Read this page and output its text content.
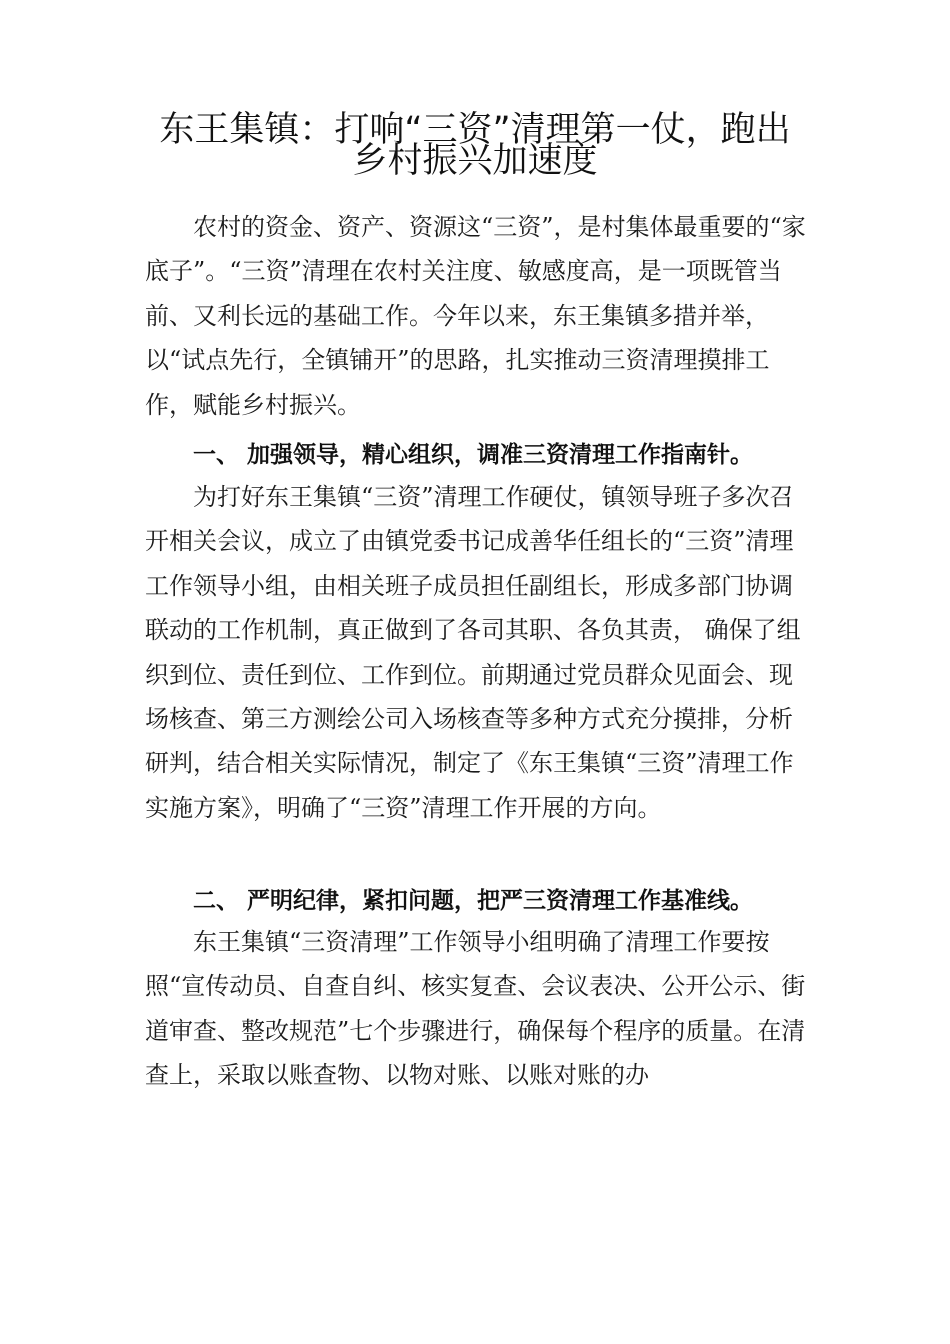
东王集镇：打响“三资”清理第一仗，跑出
乡村振兴加速度

农村的资金、资产、资源这“三资”，是村集体最重要的“家底子”。“三资”清理在农村关注度、敏感度高，是一项既管当前、又利长远的基础工作。今年以来，东王集镇多措并举，以“试点先行，全镇铺开”的思路，扎实推动三资清理摸排工作，赋能乡村振兴。

一、 加强领导，精心组织，调准三资清理工作指南针。

为打好东王集镇“三资”清理工作硬仗，镇领导班子多次召开相关会议，成立了由镇党委书记成善华任组长的“三资”清理工作领导小组，由相关班子成员担任副组长，形成多部门协调联动的工作机制，真正做到了各司其职、各负其责， 确保了组织到位、责任到位、工作到位。前期通过党员群众见面会、现场核查、第三方测绘公司入场核查等多种方式充分摸排，分析研判，结合相关实际情况，制定了《东王集镇“三资”清理工作实施方案》，明确了“三资”清理工作开展的方向。

二、 严明纪律，紧扣问题，把严三资清理工作基准线。

东王集镇“三资清理”工作领导小组明确了清理工作要按照“宣传动员、自查自纠、核实复查、会议表决、公开公示、街道审查、整改规范”七个步骤进行，确保每个程序的质量。在清查上，采取以账查物、以物对账、以账对账的办
